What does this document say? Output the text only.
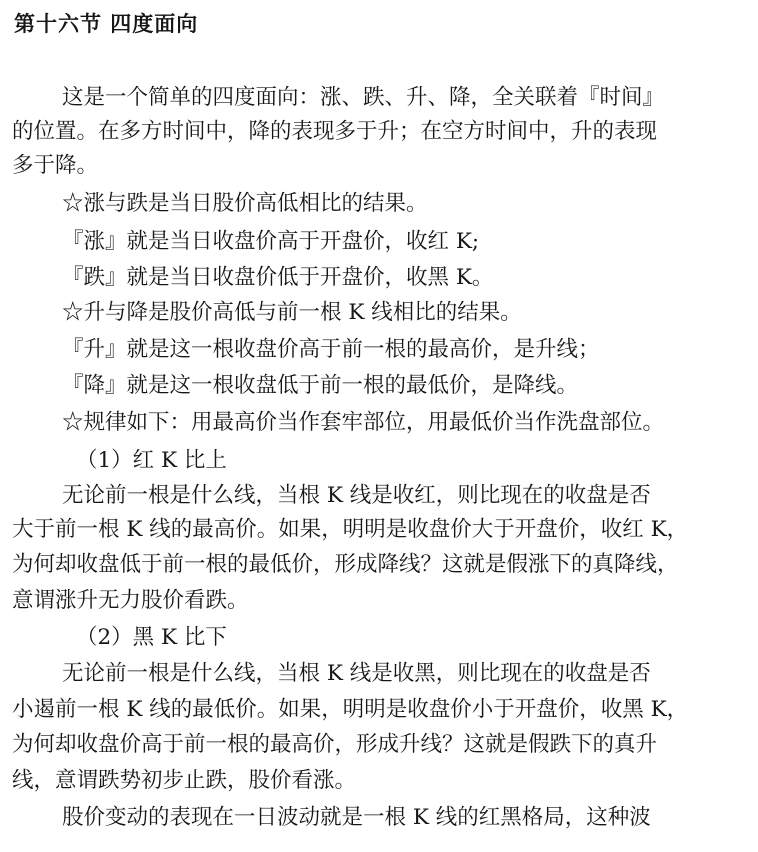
第十六节 四度面向

这是一个简单的四度面向：涨、跌、升、降，全关联着『时间』

的位置。在多方时间中，降的表现多于升；在空方时间中，升的表现

多于降。

☆涨与跌是当日股价高低相比的结果。

『涨』就是当日收盘价高于开盘价，收红 K;

『跌』就是当日收盘价低于开盘价，收黑 K。

☆升与降是股价高低与前一根 K 线相比的结果。

『升』就是这一根收盘价高于前一根的最高价，是升线；

『降』就是这一根收盘低于前一根的最低价，是降线。

☆规律如下：用最高价当作套牢部位，用最低价当作洗盘部位。

（1）红 K 比上

无论前一根是什么线，当根 K 线是收红，则比现在的收盘是否

大于前一根 K 线的最高价。如果，明明是收盘价大于开盘价，收红 K，

为何却收盘低于前一根的最低价，形成降线？这就是假涨下的真降线，

意谓涨升无力股价看跌。

（2）黑 K 比下

无论前一根是什么线，当根 K 线是收黑，则比现在的收盘是否

小遏前一根 K 线的最低价。如果，明明是收盘价小于开盘价，收黑 K，

为何却收盘价高于前一根的最高价，形成升线？这就是假跌下的真升

线，意谓跌势初步止跌，股价看涨。

股价变动的表现在一日波动就是一根 K 线的红黑格局，这种波
